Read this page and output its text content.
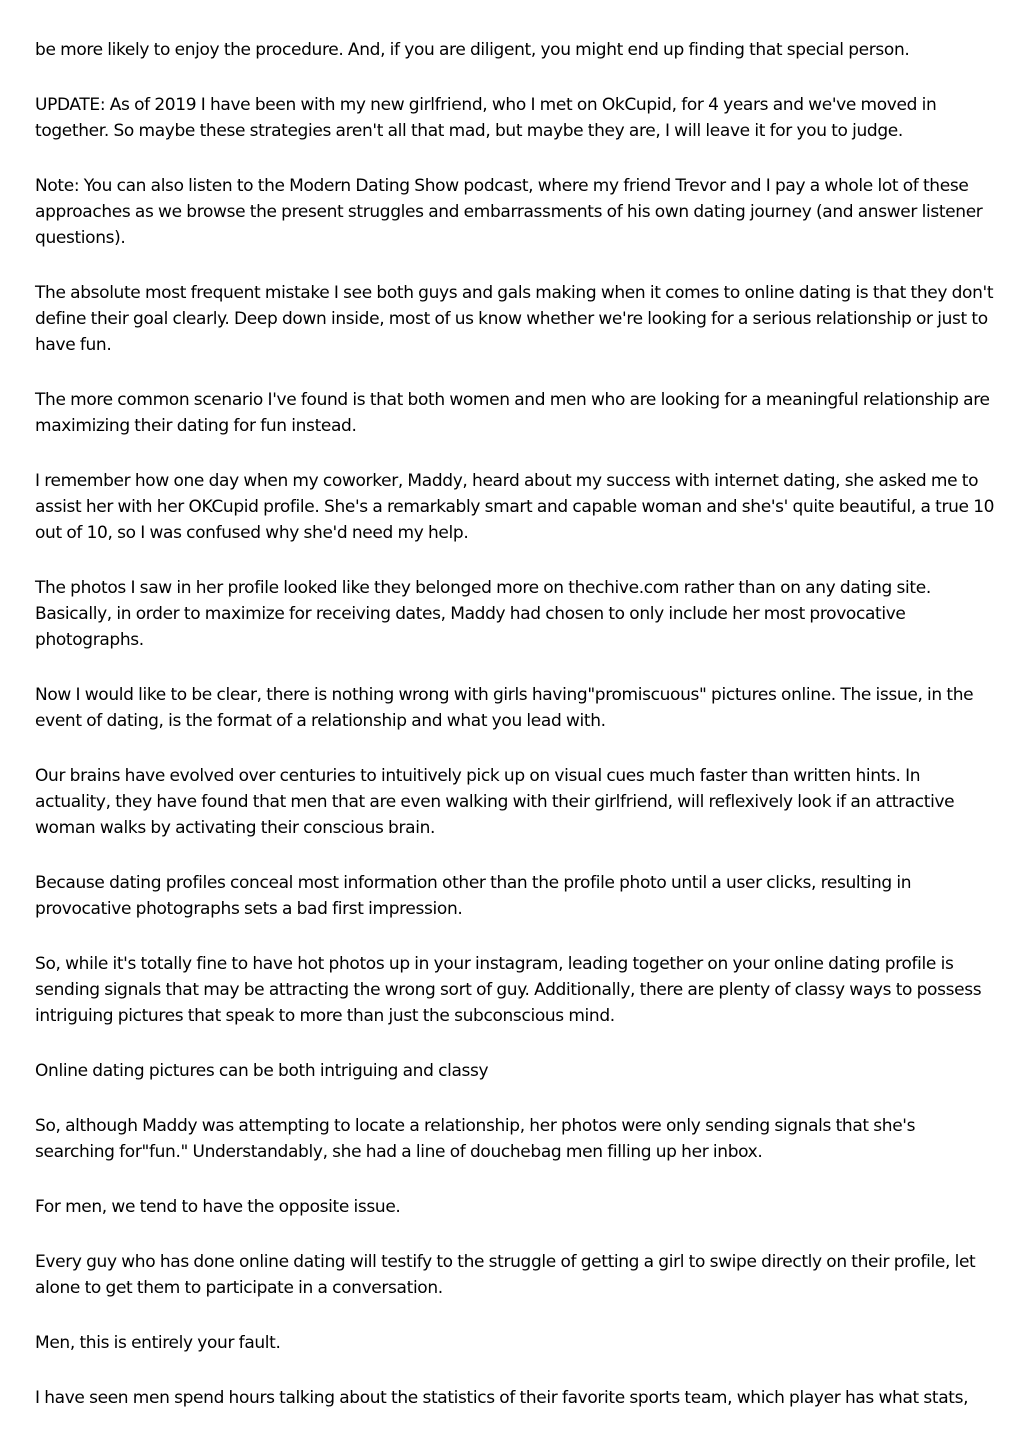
be more likely to enjoy the procedure. And, if you are diligent, you might end up finding that special person.

UPDATE: As of 2019 I have been with my new girlfriend, who I met on OkCupid, for 4 years and we've moved in together. So maybe these strategies aren't all that mad, but maybe they are, I will leave it for you to judge.

Note: You can also listen to the Modern Dating Show podcast, where my friend Trevor and I pay a whole lot of these approaches as we browse the present struggles and embarrassments of his own dating journey (and answer listener questions).

The absolute most frequent mistake I see both guys and gals making when it comes to online dating is that they don't define their goal clearly. Deep down inside, most of us know whether we're looking for a serious relationship or just to have fun.

The more common scenario I've found is that both women and men who are looking for a meaningful relationship are maximizing their dating for fun instead.

I remember how one day when my coworker, Maddy, heard about my success with internet dating, she asked me to assist her with her OKCupid profile. She's a remarkably smart and capable woman and she's' quite beautiful, a true 10 out of 10, so I was confused why she'd need my help.

The photos I saw in her profile looked like they belonged more on thechive.com rather than on any dating site. Basically, in order to maximize for receiving dates, Maddy had chosen to only include her most provocative photographs.

Now I would like to be clear, there is nothing wrong with girls having"promiscuous" pictures online. The issue, in the event of dating, is the format of a relationship and what you lead with.

Our brains have evolved over centuries to intuitively pick up on visual cues much faster than written hints. In actuality, they have found that men that are even walking with their girlfriend, will reflexively look if an attractive woman walks by activating their conscious brain.

Because dating profiles conceal most information other than the profile photo until a user clicks, resulting in provocative photographs sets a bad first impression.

So, while it's totally fine to have hot photos up in your instagram, leading together on your online dating profile is sending signals that may be attracting the wrong sort of guy. Additionally, there are plenty of classy ways to possess intriguing pictures that speak to more than just the subconscious mind.

Online dating pictures can be both intriguing and classy

So, although Maddy was attempting to locate a relationship, her photos were only sending signals that she's searching for"fun." Understandably, she had a line of douchebag men filling up her inbox.

For men, we tend to have the opposite issue.

Every guy who has done online dating will testify to the struggle of getting a girl to swipe directly on their profile, let alone to get them to participate in a conversation.

Men, this is entirely your fault.

I have seen men spend hours talking about the statistics of their favorite sports team, which player has what stats,
